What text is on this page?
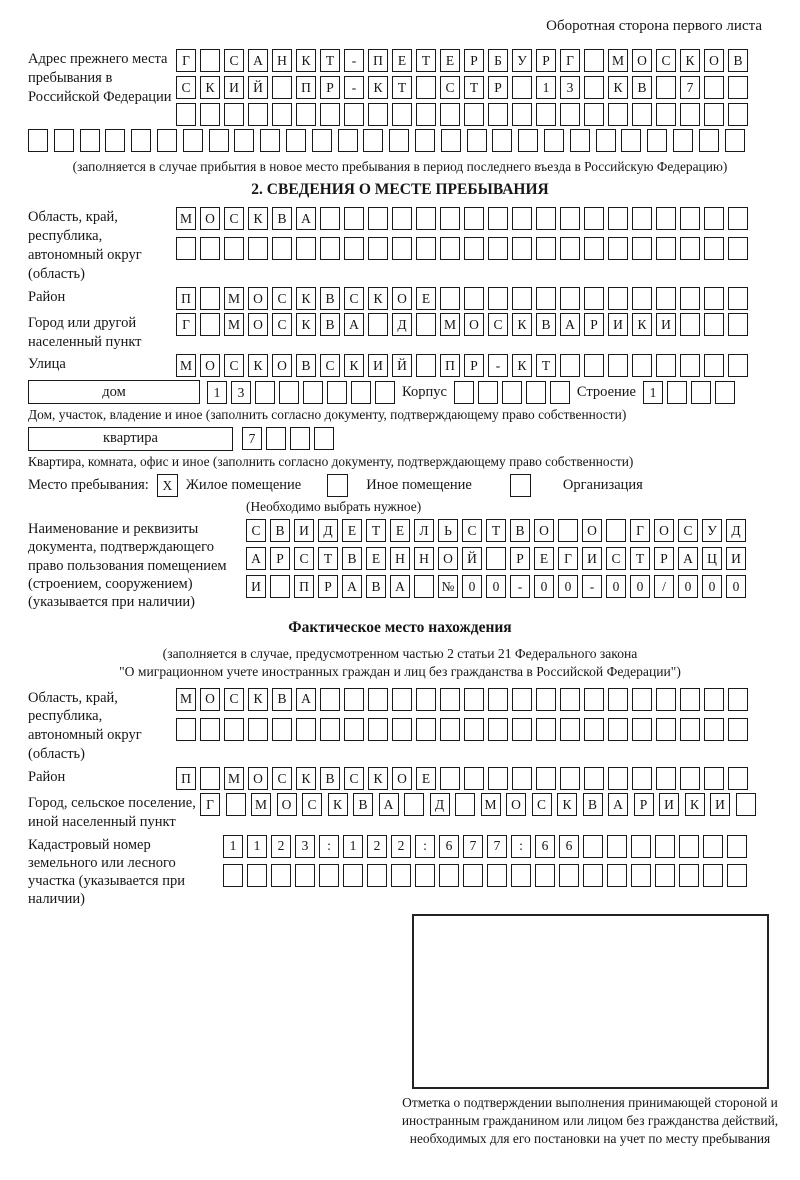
Оборотная сторона первого листа
Адрес прежнего места пребывания в Российской Федерации
Г	С	А	Н	К	Т	-	П	Е	Т	Е	Р	Б	У	Р	Г	М О	С	К	О	В
С	К	И	Й	П	Р	-	К	Т	С	Т	Р	1	3	К	В	7
(заполняется в случае прибытия в новое место пребывания в период последнего въезда в Российскую Федерацию)
2. СВЕДЕНИЯ О МЕСТЕ ПРЕБЫВАНИЯ
Область, край, республика, автономный округ (область)
М О	С	К	В	А
Район	П	М О	С	К	В	С	К	О	Е
Город или другой населенный пункт
Г	М О	С	К	В	А	Д	М О	С	К	В	А	Р	И	К	И
Улица	М О	С	К	О	В	С	К	И	Й	П	Р	-	К	Т
дом	1	3	Корпус	Строение	1
Дом, участок, владение и иное (заполнить согласно документу, подтверждающему право собственности)
квартира	7
Квартира, комната, офис и иное (заполнить согласно документу, подтверждающему право собственности)
Место пребывания:	X Жилое помещение	Иное помещение	Организация
(Необходимо выбрать нужное)
Наименование и реквизиты документа, подтверждающего право пользования помещением (строением, сооружением) (указывается при наличии)
С	В	И	Д	Е	Т	Е	Л	Ь	С	Т	В	О	О	Г	О	С	У	Д
А	Р	С	Т	В	Е	Н	Н	О	Й	Р	Е	Г	И	С	Т	Р	А	Ц	И
И	П	Р	А	В	А	№	0	0	-	0	0	-	0	0	/	0	0	0
Фактическое место нахождения
(заполняется в случае, предусмотренном частью 2 статьи 21 Федерального закона
"О миграционном учете иностранных граждан и лиц без гражданства в Российской Федерации")
Область, край, республика, автономный округ (область)
М О	С	К	В	А
Район	П	М О	С	К	В	С	К	О	Е
Город, сельское поселение, иной населенный пункт
Г	М	О	С	К	В	А	Д	М	О	С	К	В	А	Р	И	К	И
Кадастровый номер земельного или лесного участка (указывается при наличии)
1	1	2	3	:	1	2	2	:	6	7	7	:	6	6
Отметка о подтверждении выполнения принимающей стороной и иностранным гражданином или лицом без гражданства действий, необходимых для его постановки на учет по месту пребывания
